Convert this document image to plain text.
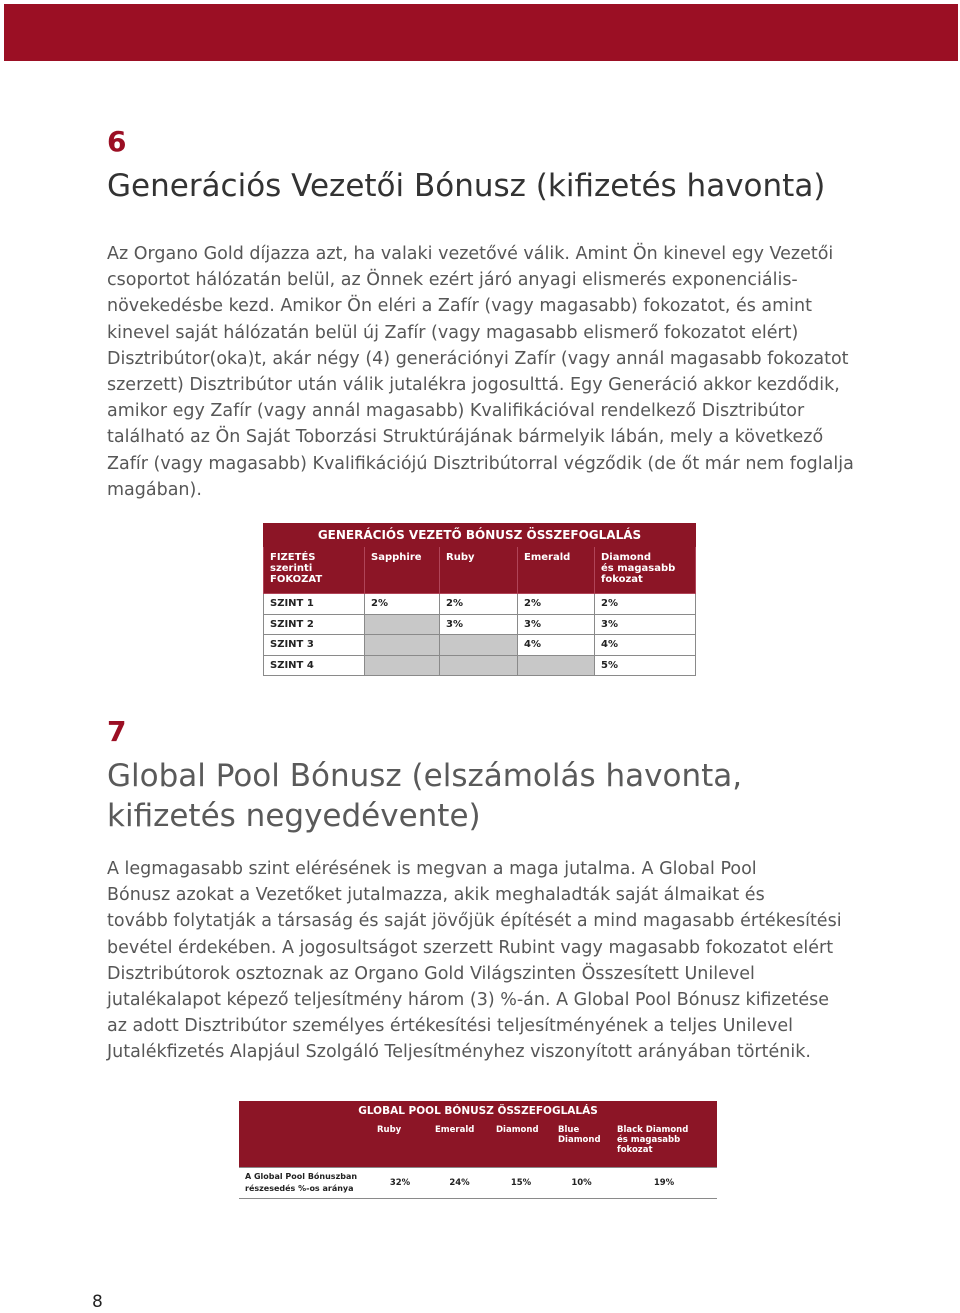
6
Generációs Vezetői Bónusz (kifizetés havonta)

Az Organo Gold díjazza azt, ha valaki vezetővé válik. Amint Ön kinevel egy Vezetői
csoportot hálózatán belül, az Önnek ezért járó anyagi elismerés exponenciális-
növekedésbe kezd. Amikor Ön eléri a Zafír (vagy magasabb) fokozatot, és amint
kinevel saját hálózatán belül új Zafír (vagy magasabb elismerő fokozatot elért)
Disztribútor(oka)t, akár négy (4) generációnyi Zafír (vagy annál magasabb fokozatot
szerzett) Disztribútor után válik jutalékra jogosulttá. Egy Generáció akkor kezdődik,
amikor egy Zafír (vagy annál magasabb) Kvalifikációval rendelkező Disztribútor
található az Ön Saját Toborzási Struktúrájának bármelyik lábán, mely a következő
Zafír (vagy magasabb) Kvalifikációjú Disztribútorral végződik (de őt már nem foglalja
magában).

GENERÁCIÓS VEZETŐ BÓNUSZ ÖSSZEFOGLALÁS				
FIZETÉS szerinti
FOKOZAT	Sapphire	Ruby	Emerald	Diamond
és magasabb
fokozat
SZINT 1	2%	2%	2%	2%
SZINT 2		3%	3%	3%
SZINT 3			4%	4%
SZINT 4				5%
7
Global Pool Bónusz (elszámolás havonta,
kifizetés negyedévente)

A legmagasabb szint elérésének is megvan a maga jutalma. A Global Pool
Bónusz azokat a Vezetőket jutalmazza, akik meghaladták saját álmaikat és
tovább folytatják a társaság és saját jövőjük építését a mind magasabb értékesítési
bevétel érdekében. A jogosultságot szerzett Rubint vagy magasabb fokozatot elért
Disztribútorok osztoznak az Organo Gold Világszinten Összesített Unilevel
jutalékalapot képező teljesítmény három (3) %-án. A Global Pool Bónusz kifizetése
az adott Disztribútor személyes értékesítési teljesítményének a teljes Unilevel
Jutalékfizetés Alapjául Szolgáló Teljesítményhez viszonyított arányában történik.

GLOBAL POOL BÓNUSZ ÖSSZEFOGLALÁS					
	Ruby	Emerald	Diamond	Blue
Diamond	Black Diamond
és magasabb fokozat
A Global Pool Bónuszban
részesedés %-os aránya	32%	24%	15%	10%	19%
8
